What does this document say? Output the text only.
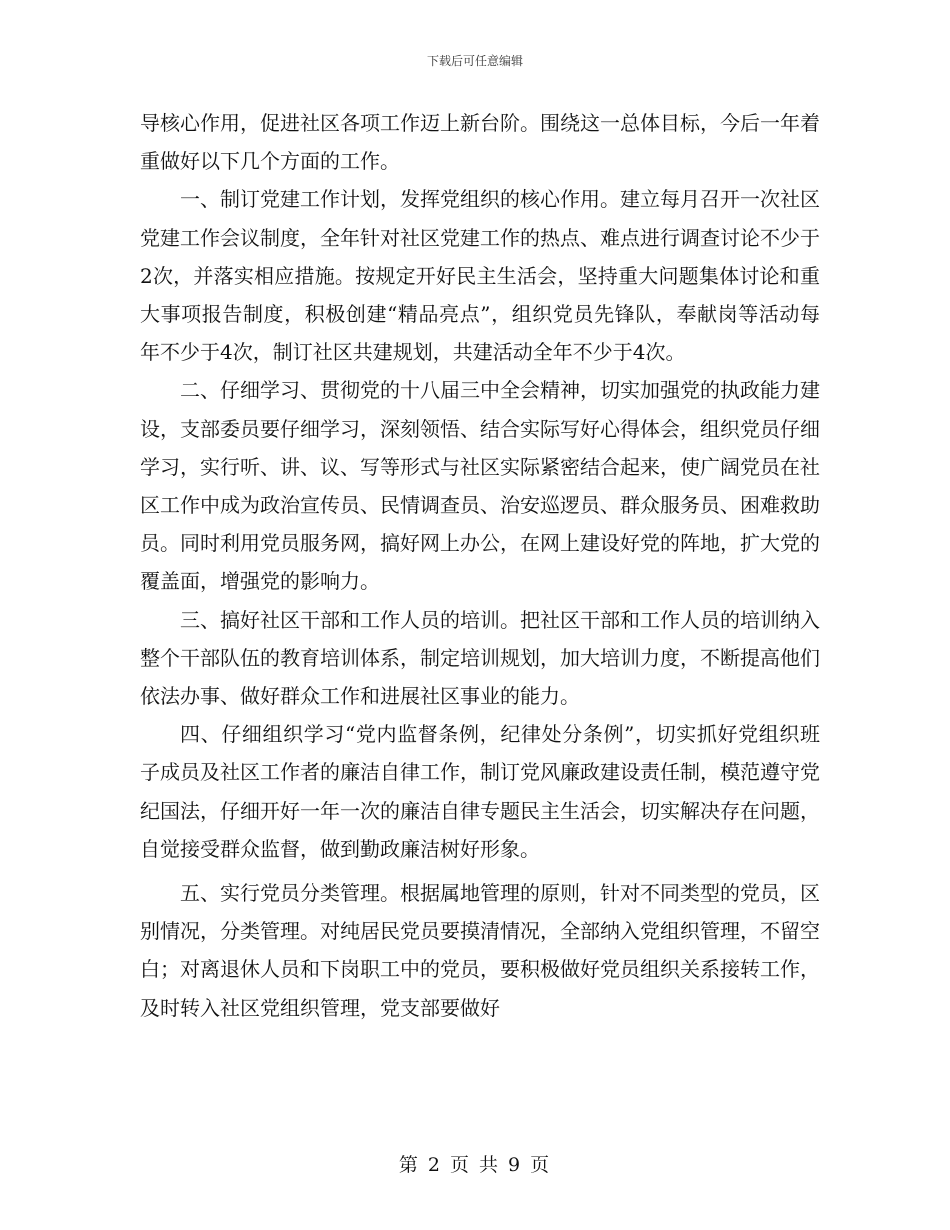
下载后可任意编辑

导核心作用，促进社区各项工作迈上新台阶。围绕这一总体目标，今后一年着重做好以下几个方面的工作。

一、制订党建工作计划，发挥党组织的核心作用。建立每月召开一次社区党建工作会议制度，全年针对社区党建工作的热点、难点进行调查讨论不少于2次，并落实相应措施。按规定开好民主生活会，坚持重大问题集体讨论和重大事项报告制度，积极创建“精品亮点”，组织党员先锋队，奉献岗等活动每年不少于4次，制订社区共建规划，共建活动全年不少于4次。

二、仔细学习、贯彻党的十八届三中全会精神，切实加强党的执政能力建设，支部委员要仔细学习，深刻领悟、结合实际写好心得体会，组织党员仔细学习，实行听、讲、议、写等形式与社区实际紧密结合起来，使广阔党员在社区工作中成为政治宣传员、民情调查员、治安巡逻员、群众服务员、困难救助员。同时利用党员服务网，搞好网上办公，在网上建设好党的阵地，扩大党的覆盖面，增强党的影响力。

三、搞好社区干部和工作人员的培训。把社区干部和工作人员的培训纳入整个干部队伍的教育培训体系，制定培训规划，加大培训力度，不断提高他们依法办事、做好群众工作和进展社区事业的能力。

四、仔细组织学习“党内监督条例，纪律处分条例”，切实抓好党组织班子成员及社区工作者的廉洁自律工作，制订党风廉政建设责任制，模范遵守党纪国法，仔细开好一年一次的廉洁自律专题民主生活会，切实解决存在问题，自觉接受群众监督，做到勤政廉洁树好形象。

五、实行党员分类管理。根据属地管理的原则，针对不同类型的党员，区别情况，分类管理。对纯居民党员要摸清情况，全部纳入党组织管理，不留空白；对离退休人员和下岗职工中的党员，要积极做好党员组织关系接转工作，及时转入社区党组织管理，党支部要做好

第 2 页 共 9 页
